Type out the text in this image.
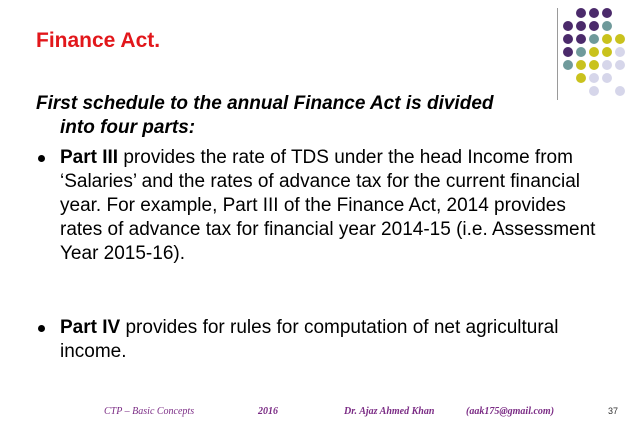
Finance Act.
First schedule to the annual Finance Act is divided
into four parts:
Part III provides the rate of TDS under the head Income from ‘Salaries’ and the rates of advance tax for the current financial year. For example, Part III of the Finance Act, 2014 provides rates of advance tax for financial year 2014-15 (i.e. Assessment Year 2015-16).
Part IV provides for rules for computation of net agricultural income.
CTP – Basic Concepts	2016	Dr. Ajaz Ahmed Khan	(aak175@gmail.com)	37
